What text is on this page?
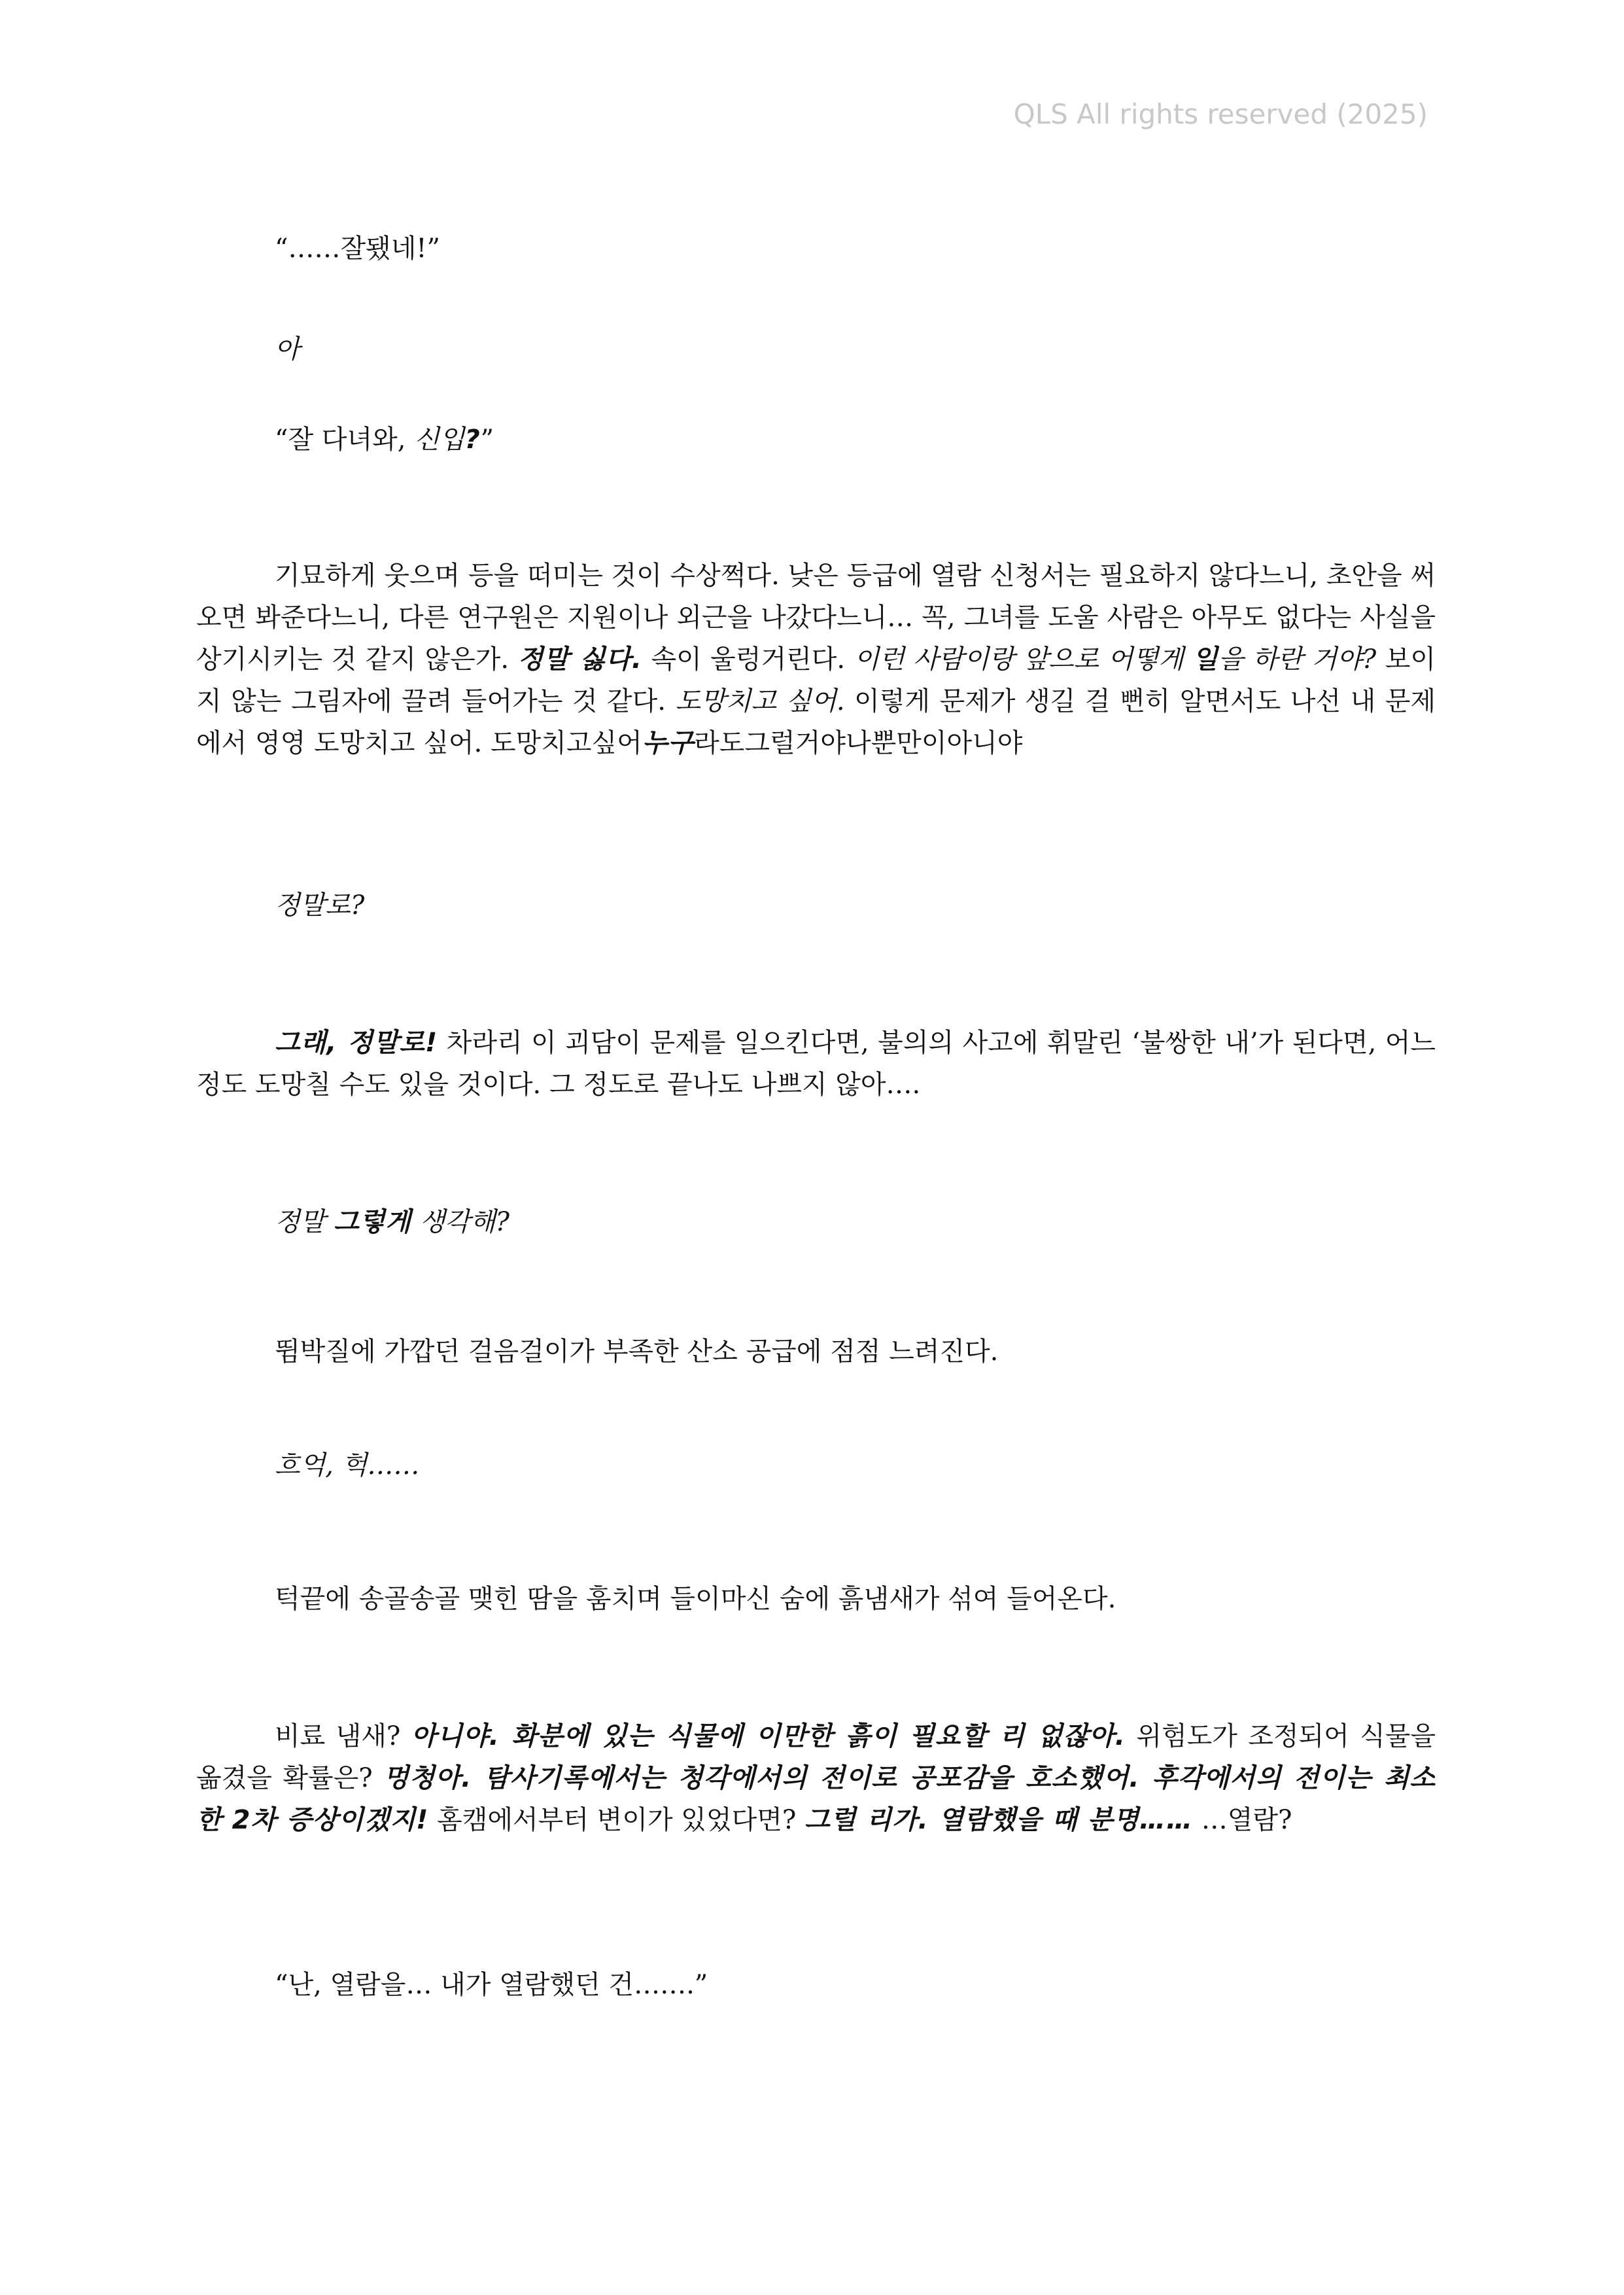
QLS All rights reserved (2025)

“……잘됐네!”

아

“잘 다녀와, 신입?”

기묘하게 웃으며 등을 떠미는 것이 수상쩍다. 낮은 등급에 열람 신청서는 필요하지 않다느니, 초안을 써오면 봐준다느니, 다른 연구원은 지원이나 외근을 나갔다느니… 꼭, 그녀를 도울 사람은 아무도 없다는 사실을 상기시키는 것 같지 않은가. 정말 싫다. 속이 울렁거린다. 이런 사람이랑 앞으로 어떻게 일을 하란 거야? 보이지 않는 그림자에 끌려 들어가는 것 같다. 도망치고 싶어. 이렇게 문제가 생길 걸 뻔히 알면서도 나선 내 문제에서 영영 도망치고 싶어. 도망치고싶어누구라도그럴거야나뿐만이아니야

정말로?

그래, 정말로! 차라리 이 괴담이 문제를 일으킨다면, 불의의 사고에 휘말린 ‘불쌍한 내’가 된다면, 어느 정도 도망칠 수도 있을 것이다. 그 정도로 끝나도 나쁘지 않아….

정말 그렇게 생각해?

뜀박질에 가깝던 걸음걸이가 부족한 산소 공급에 점점 느려진다.

흐억, 헉……

턱끝에 송골송골 맺힌 땀을 훔치며 들이마신 숨에 흙냄새가 섞여 들어온다.

비료 냄새? 아니야. 화분에 있는 식물에 이만한 흙이 필요할 리 없잖아. 위험도가 조정되어 식물을 옮겼을 확률은? 멍청아. 탐사기록에서는 청각에서의 전이로 공포감을 호소했어. 후각에서의 전이는 최소한 2차 증상이겠지! 홈캠에서부터 변이가 있었다면? 그럴 리가. 열람했을 때 분명…… …열람?

“난, 열람을… 내가 열람했던 건…….”
